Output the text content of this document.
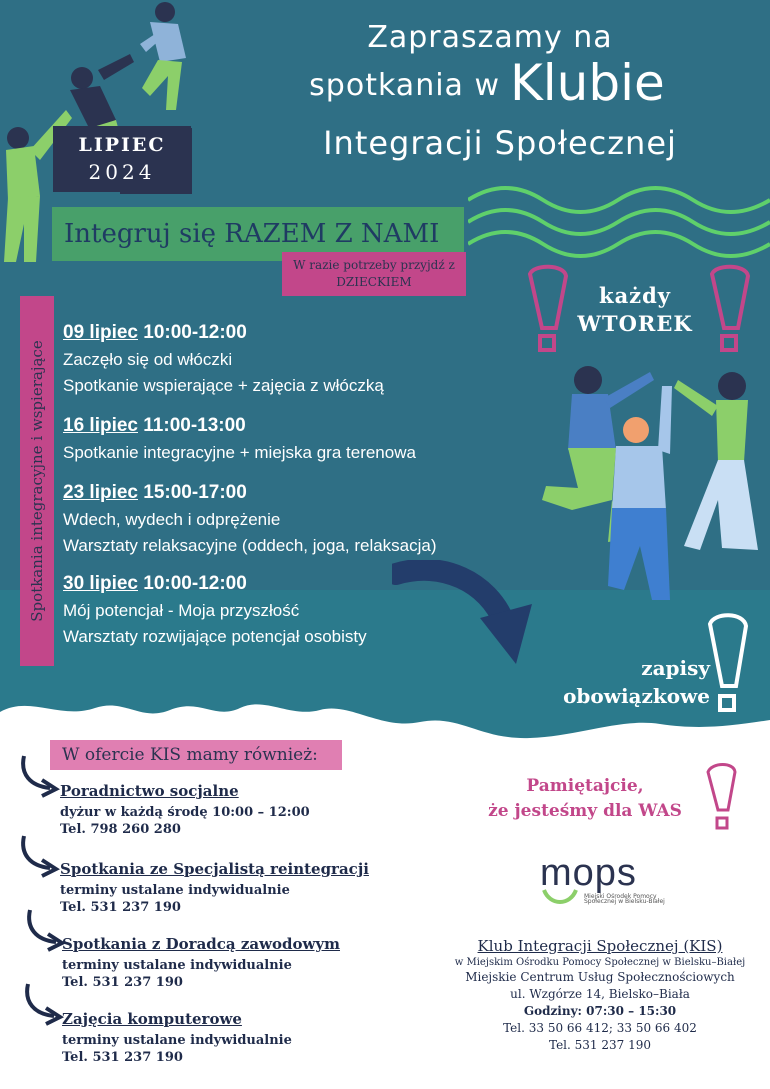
Zapraszamy na
spotkania w Klubie
Integracji Społecznej
LIPIEC
2024
Integruj się RAZEM Z NAMI
W razie potrzeby przyjdź z DZIECKIEM
Spotkania integracyjne i wspierające
każdy
WTOREK
09 lipiec 10:00-12:00
Zaczęło się od włóczki
Spotkanie wspierające + zajęcia z włóczką
16 lipiec 11:00-13:00
Spotkanie integracyjne + miejska gra terenowa
23 lipiec 15:00-17:00
Wdech, wydech i odprężenie
Warsztaty relaksacyjne (oddech, joga, relaksacja)
30 lipiec 10:00-12:00
Mój potencjał - Moja przyszłość
Warsztaty rozwijające potencjał osobisty
zapisy
obowiązkowe
W ofercie KIS mamy również:
Poradnictwo socjalne
dyżur w każdą środę 10:00 – 12:00
Tel. 798 260 280
Spotkania ze Specjalistą reintegracji
terminy ustalane indywidualnie
Tel. 531 237 190
Spotkania z Doradcą zawodowym
terminy ustalane indywidualnie
Tel. 531 237 190
Zajęcia komputerowe
terminy ustalane indywidualnie
Tel. 531 237 190
Pamiętajcie,
że jesteśmy dla WAS
mops
Miejski Ośrodek Pomocy
Społecznej w Bielsku-Białej
Klub Integracji Społecznej (KIS)
w Miejskim Ośrodku Pomocy Społecznej w Bielsku–Białej
Miejskie Centrum Usług Społecznościowych
ul. Wzgórze 14, Bielsko–Biała
Godziny: 07:30 – 15:30
Tel. 33 50 66 412; 33 50 66 402
Tel. 531 237 190
